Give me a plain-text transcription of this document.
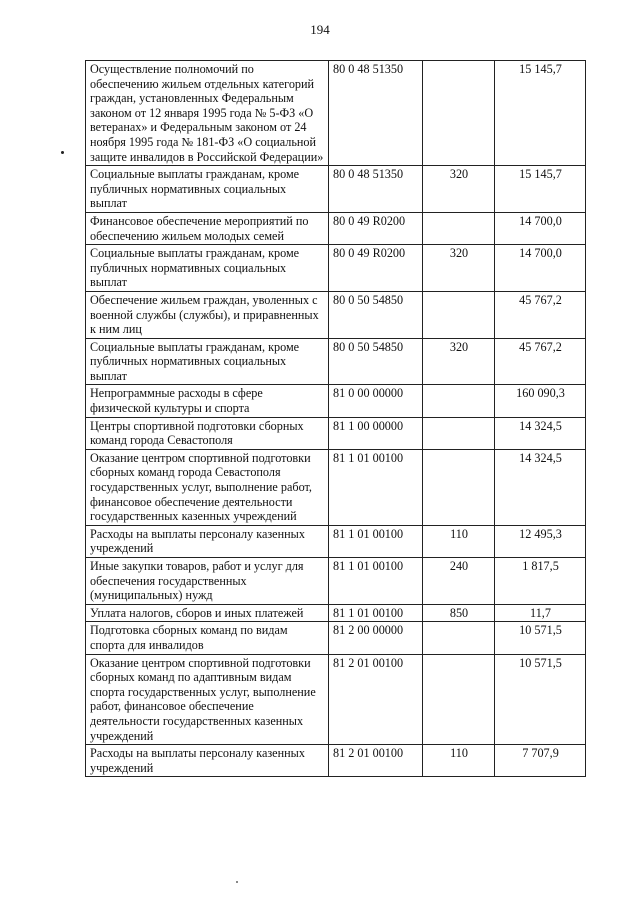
194
Осуществление полномочий по обеспечению жильем отдельных категорий граждан, установленных Федеральным законом от 12 января 1995 года № 5-ФЗ «О ветеранах» и Федеральным законом от 24 ноября 1995 года № 181-ФЗ «О социальной защите инвалидов в Российской Федерации»	80 0 48 51350		15 145,7
Социальные выплаты гражданам, кроме публичных нормативных социальных выплат	80 0 48 51350	320	15 145,7
Финансовое обеспечение мероприятий по обеспечению жильем молодых семей	80 0 49 R0200		14 700,0
Социальные выплаты гражданам, кроме публичных нормативных социальных выплат	80 0 49 R0200	320	14 700,0
Обеспечение жильем граждан, уволенных с военной службы (службы), и приравненных к ним лиц	80 0 50 54850		45 767,2
Социальные выплаты гражданам, кроме публичных нормативных социальных выплат	80 0 50 54850	320	45 767,2
Непрограммные расходы в сфере физической культуры и спорта	81 0 00 00000		160 090,3
Центры спортивной подготовки сборных команд города Севастополя	81 1 00 00000		14 324,5
Оказание центром спортивной подготовки сборных команд города Севастополя государственных услуг, выполнение работ, финансовое обеспечение деятельности государственных казенных учреждений	81 1 01 00100		14 324,5
Расходы на выплаты персоналу казенных учреждений	81 1 01 00100	110	12 495,3
Иные закупки товаров, работ и услуг для обеспечения государственных (муниципальных) нужд	81 1 01 00100	240	1 817,5
Уплата налогов, сборов и иных платежей	81 1 01 00100	850	11,7
Подготовка сборных команд по видам спорта для инвалидов	81 2 00 00000		10 571,5
Оказание центром спортивной подготовки сборных команд по адаптивным видам спорта государственных услуг, выполнение работ, финансовое обеспечение деятельности государственных казенных учреждений	81 2 01 00100		10 571,5
Расходы на выплаты персоналу казенных учреждений	81 2 01 00100	110	7 707,9
